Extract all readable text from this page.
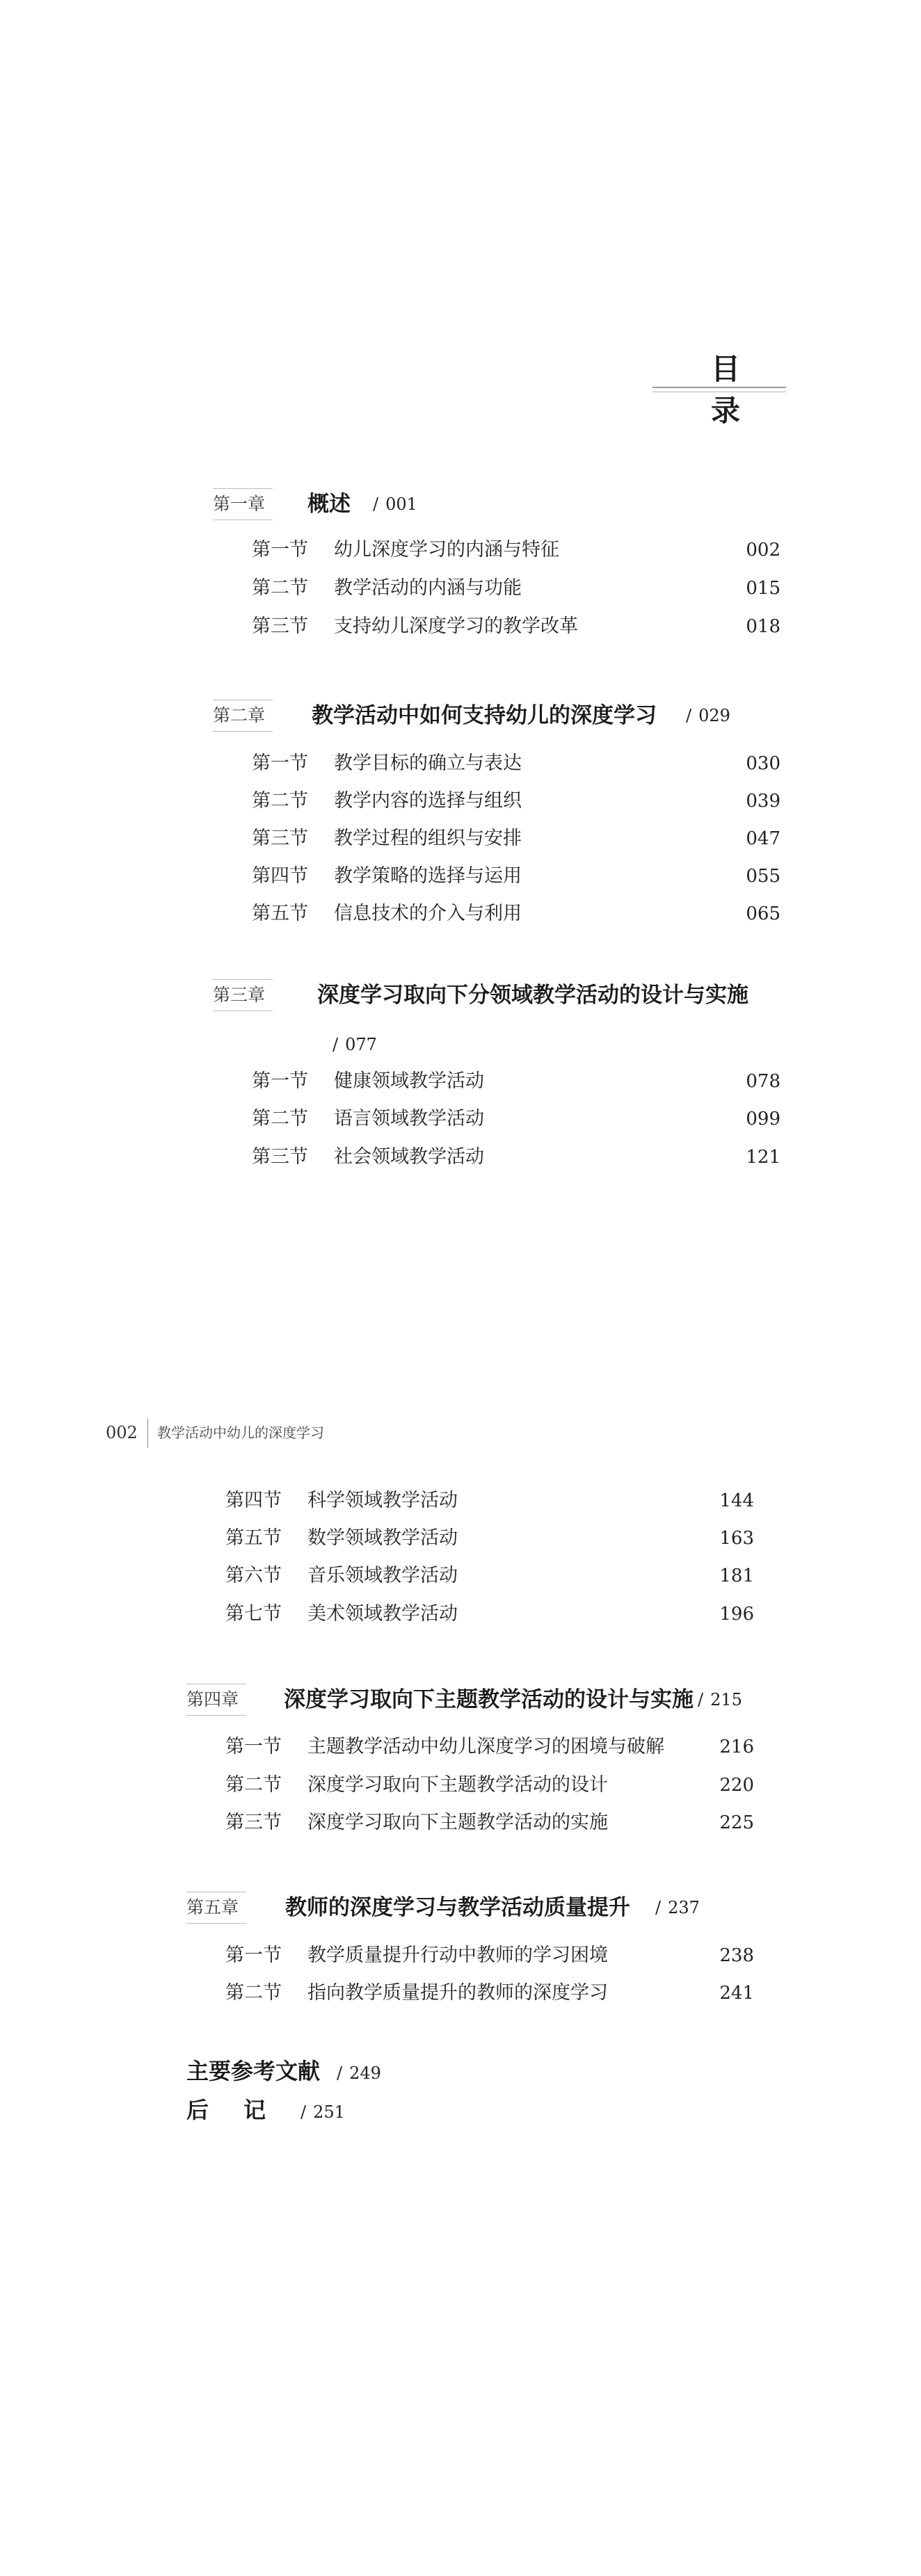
目　录
第一章	概述 / 001
第一节 幼儿深度学习的内涵与特征	002
第二节 教学活动的内涵与功能	015
第三节 支持幼儿深度学习的教学改革	018
第二章	教学活动中如何支持幼儿的深度学习 / 029
第一节 教学目标的确立与表达	030
第二节 教学内容的选择与组织	039
第三节 教学过程的组织与安排	047
第四节 教学策略的选择与运用	055
第五节 信息技术的介入与利用	065
第三章	深度学习取向下分领域教学活动的设计与实施
/ 077
第一节 健康领域教学活动	078
第二节 语言领域教学活动	099
第三节 社会领域教学活动	121
002 教学活动中幼儿的深度学习
第四节 科学领域教学活动	144
第五节 数学领域教学活动	163
第六节 音乐领域教学活动	181
第七节 美术领域教学活动	196
第四章	深度学习取向下主题教学活动的设计与实施 / 215
第一节 主题教学活动中幼儿深度学习的困境与破解	216
第二节 深度学习取向下主题教学活动的设计	220
第三节 深度学习取向下主题教学活动的实施	225
第五章	教师的深度学习与教学活动质量提升 / 237
第一节 教学质量提升行动中教师的学习困境	238
第二节 指向教学质量提升的教师的深度学习	241
主要参考文献 / 249
后记/ 251
